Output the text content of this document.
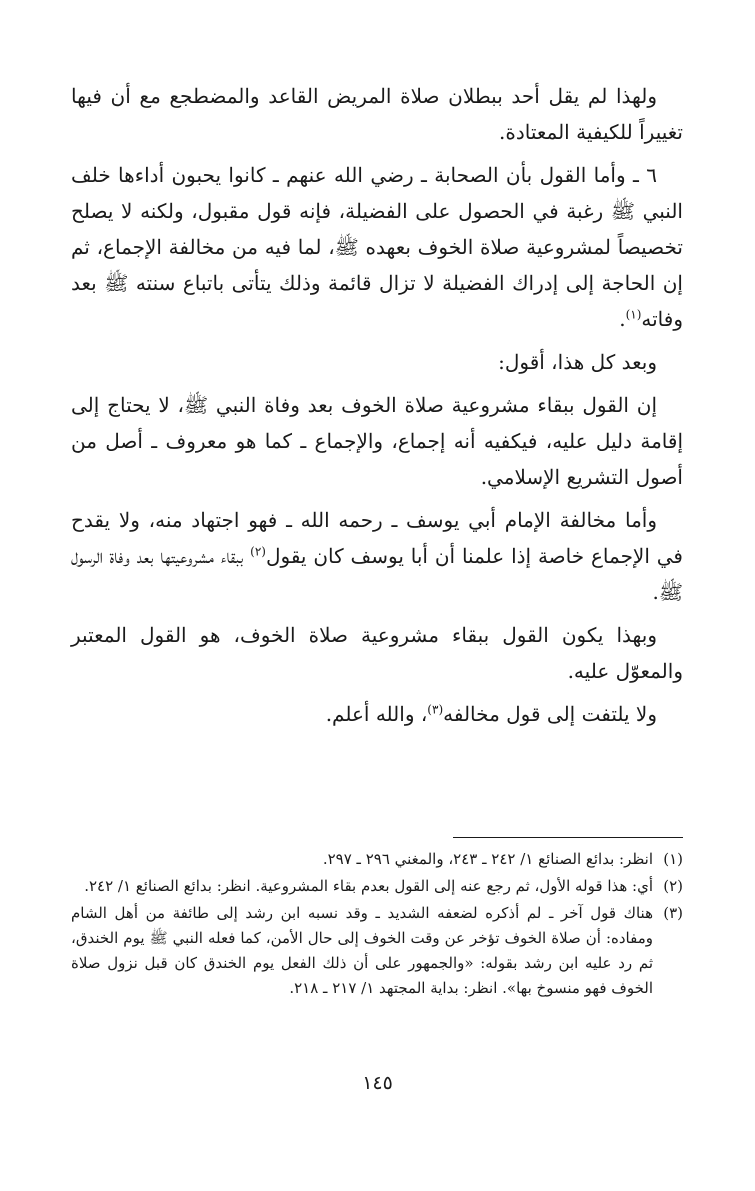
ولهذا لم يقل أحد ببطلان صلاة المريض القاعد والمضطجع مع أن فيها تغييراً للكيفية المعتادة.

٦ ـ وأما القول بأن الصحابة ـ رضي الله عنهم ـ كانوا يحبون أداءها خلف النبي ﷺ رغبة في الحصول على الفضيلة، فإنه قول مقبول، ولكنه لا يصلح تخصيصاً لمشروعية صلاة الخوف بعهده ﷺ، لما فيه من مخالفة الإجماع، ثم إن الحاجة إلى إدراك الفضيلة لا تزال قائمة وذلك يتأتى باتباع سنته ﷺ بعد وفاته$^{(١)}$.

وبعد كل هذا، أقول:

إن القول ببقاء مشروعية صلاة الخوف بعد وفاة النبي ﷺ، لا يحتاج إلى إقامة دليل عليه، فيكفيه أنه إجماع، والإجماع ـ كما هو معروف ـ أصل من أصول التشريع الإسلامي.

وأما مخالفة الإمام أبي يوسف ـ رحمه الله ـ فهو اجتهاد منه، ولا يقدح في الإجماع خاصة إذا علمنا أن أبا يوسف كان يقول$^{(٢)}$ ببقاء مشروعيتها بعد وفاة الرسول ﷺ.

وبهذا يكون القول ببقاء مشروعية صلاة الخوف، هو القول المعتبر والمعوّل عليه.

ولا يلتفت إلى قول مخالفه$^{(٣)}$، والله أعلم.

(١)
انظر: بدائع الصنائع ١/ ٢٤٢ ـ ٢٤٣، والمغني ٢٩٦ ـ ٢٩٧.
(٢)
أي: هذا قوله الأول، ثم رجع عنه إلى القول بعدم بقاء المشروعية. انظر: بدائع الصنائع ١/ ٢٤٢.
(٣)
هناك قول آخر ـ لم أذكره لضعفه الشديد ـ وقد نسبه ابن رشد إلى طائفة من أهل الشام ومفاده: أن صلاة الخوف تؤخر عن وقت الخوف إلى حال الأمن، كما فعله النبي ﷺ يوم الخندق، ثم رد عليه ابن رشد بقوله: «والجمهور على أن ذلك الفعل يوم الخندق كان قبل نزول صلاة الخوف فهو منسوخ بها». انظر: بداية المجتهد ١/ ٢١٧ ـ ٢١٨.
١٤٥
